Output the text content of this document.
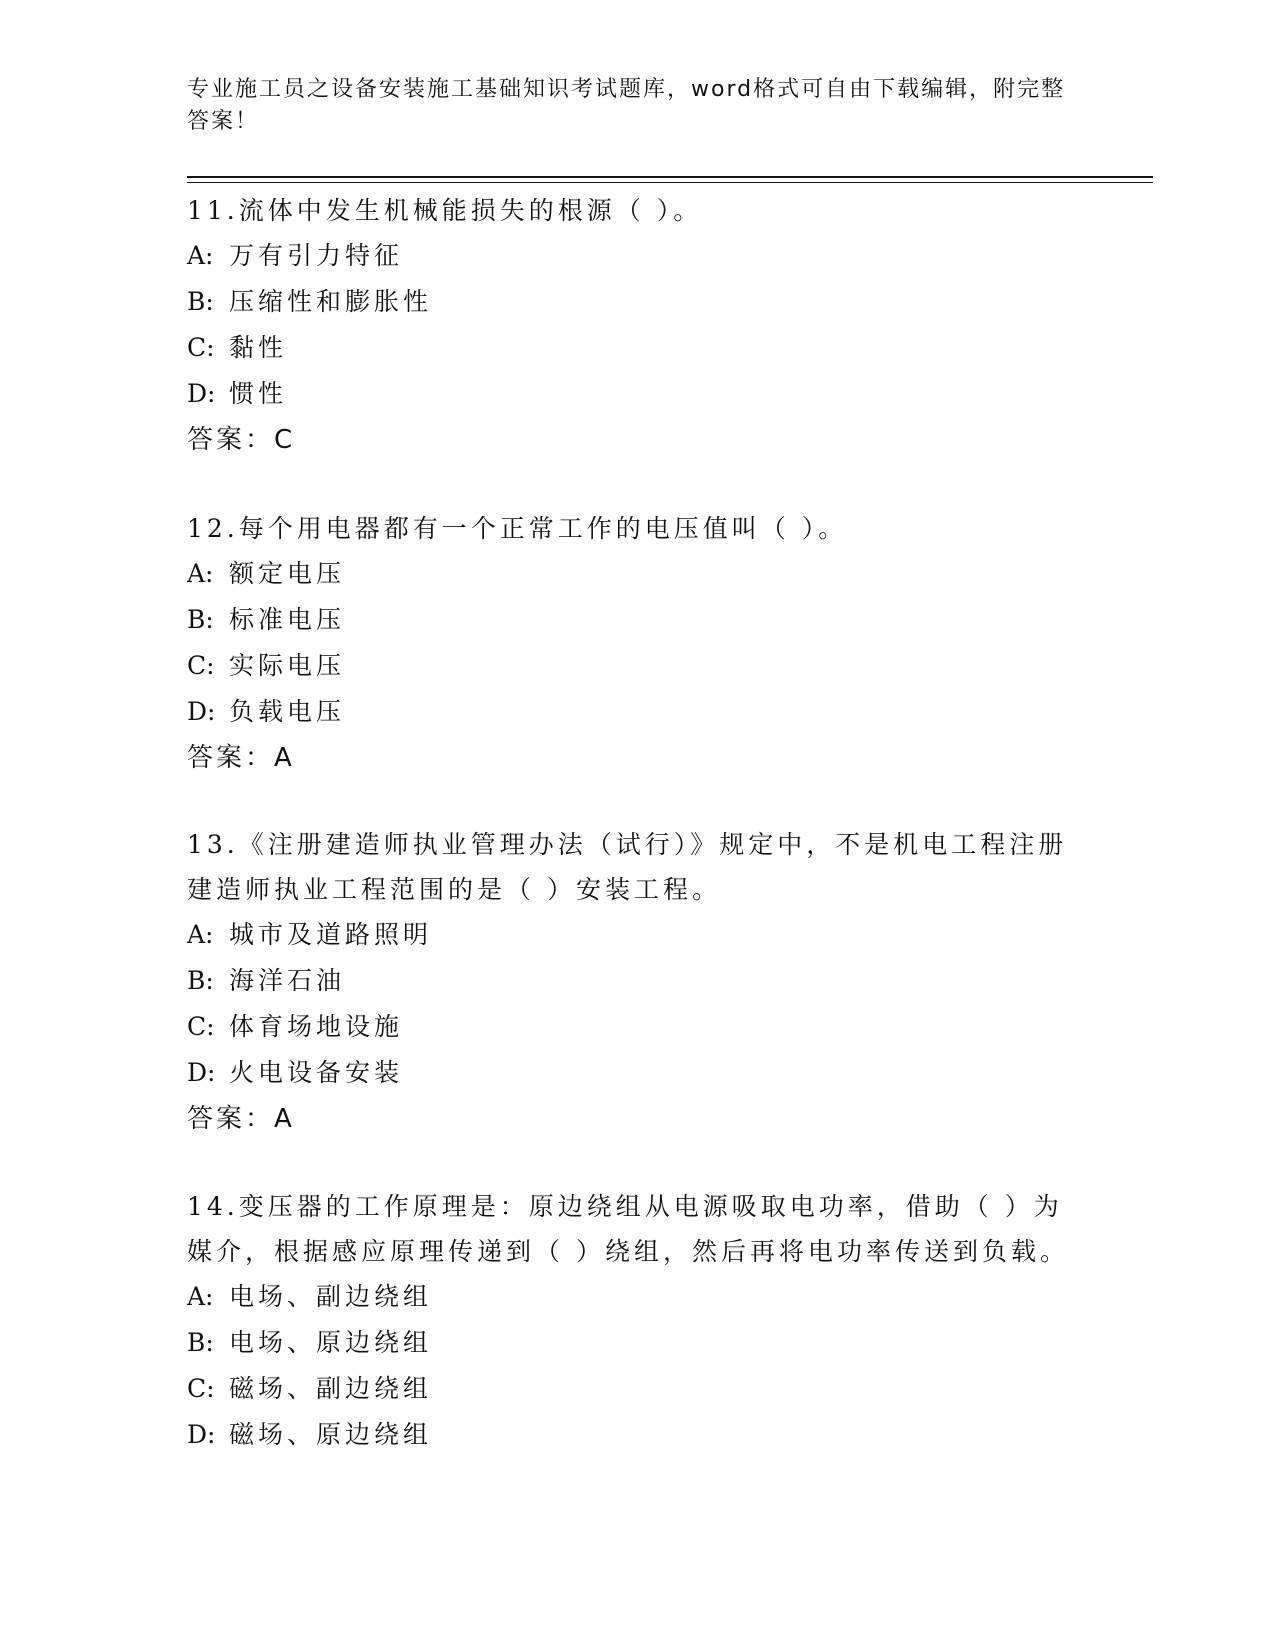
专业施工员之设备安装施工基础知识考试题库，word格式可自由下载编辑，附完整答案！

11.流体中发生机械能损失的根源（ ）。

A: 万有引力特征

B: 压缩性和膨胀性

C: 黏性

D: 惯性

答案：C

12.每个用电器都有一个正常工作的电压值叫（ ）。

A: 额定电压

B: 标准电压

C: 实际电压

D: 负载电压

答案：A

13.《注册建造师执业管理办法（试行）》规定中，不是机电工程注册建造师执业工程范围的是（ ）安装工程。

A: 城市及道路照明

B: 海洋石油

C: 体育场地设施

D: 火电设备安装

答案：A

14.变压器的工作原理是：原边绕组从电源吸取电功率，借助（ ）为媒介，根据感应原理传递到（ ）绕组，然后再将电功率传送到负载。

A: 电场、副边绕组

B: 电场、原边绕组

C: 磁场、副边绕组

D: 磁场、原边绕组
